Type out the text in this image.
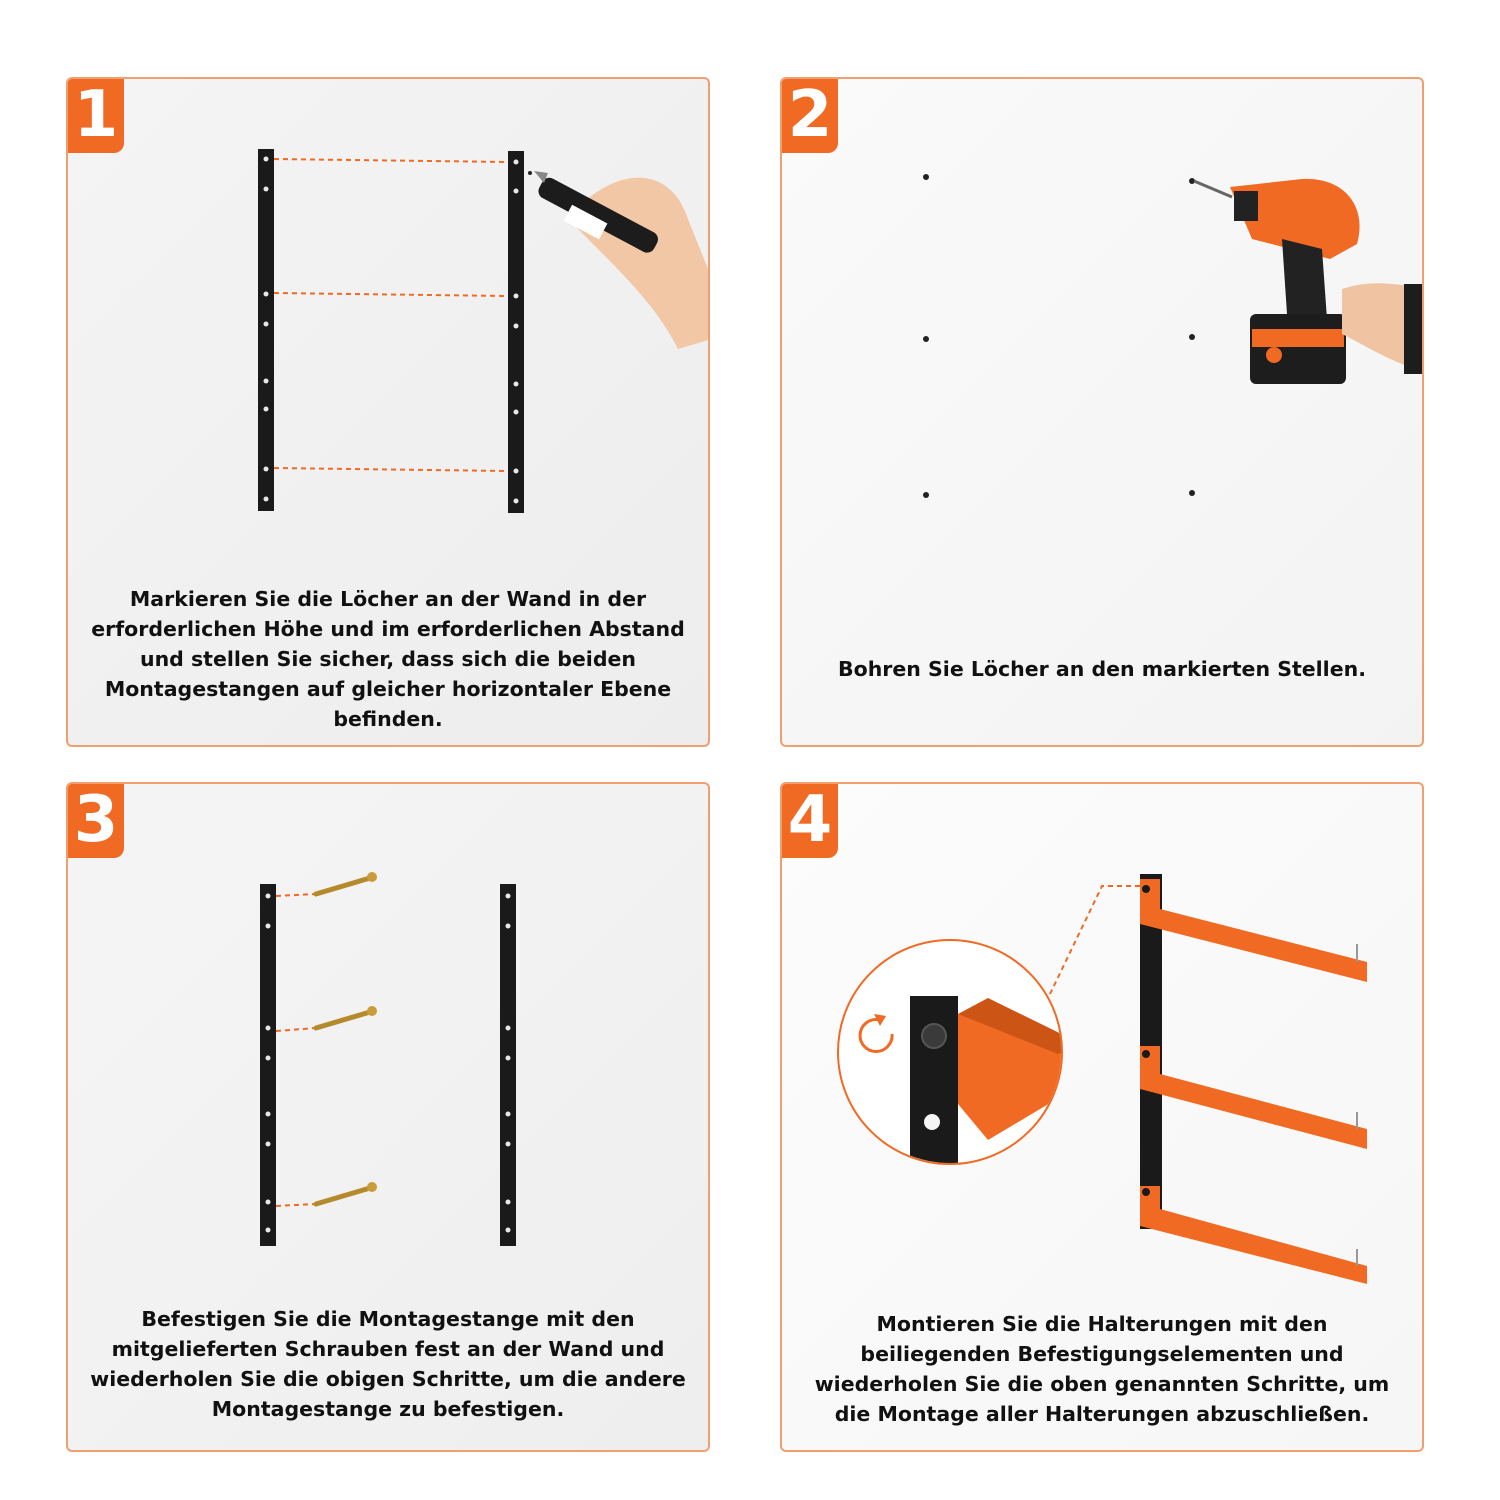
1
Markieren Sie die Löcher an der Wand in der erforderlichen Höhe und im erforderlichen Abstand und stellen Sie sicher, dass sich die beiden Montagestangen auf gleicher horizontaler Ebene befinden.
2
Bohren Sie Löcher an den markierten Stellen.
3
Befestigen Sie die Montagestange mit den mitgelieferten Schrauben fest an der Wand und wiederholen Sie die obigen Schritte, um die andere Montagestange zu befestigen.
4
Montieren Sie die Halterungen mit den beiliegenden Befestigungselementen und wiederholen Sie die oben genannten Schritte, um die Montage aller Halterungen abzuschließen.
